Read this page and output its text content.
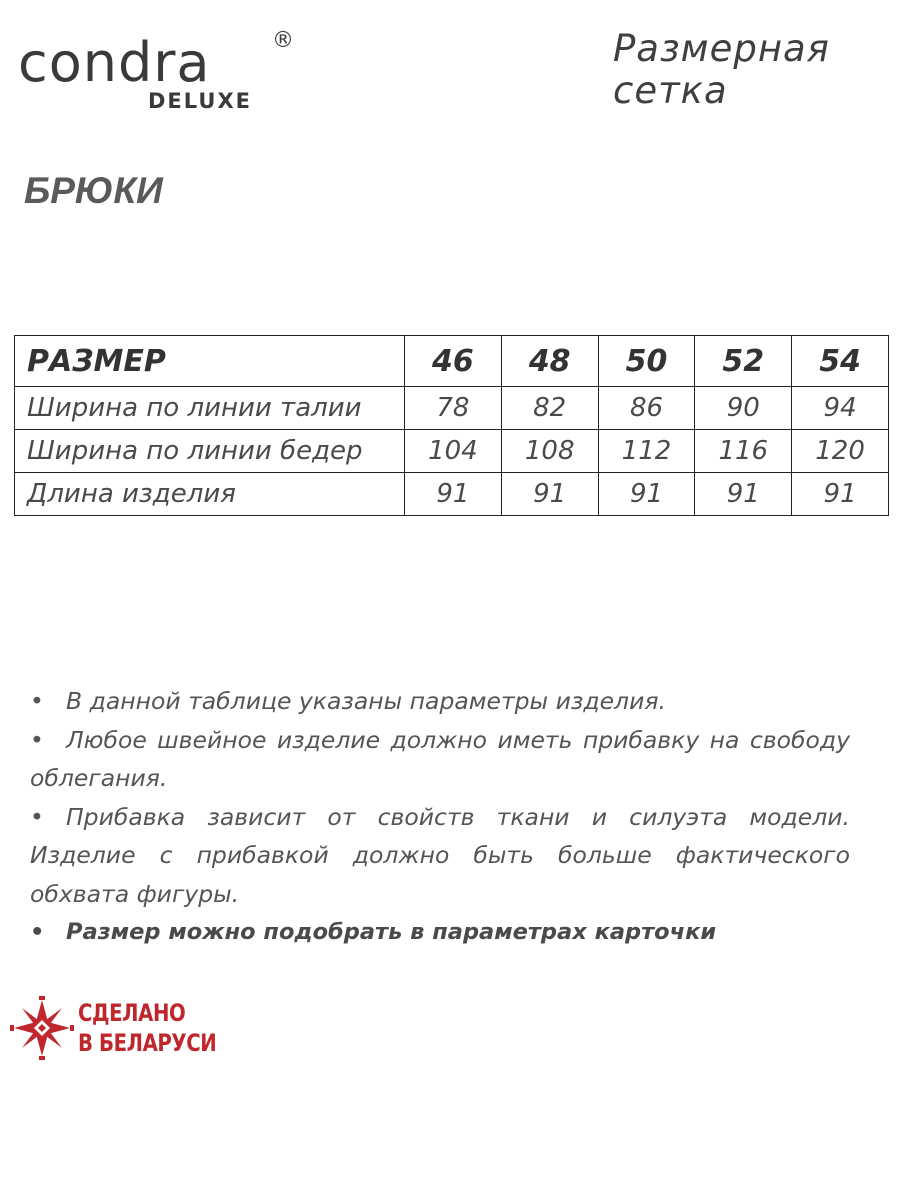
condra	®
DELUXE
Размерная
сетка
БРЮКИ
РАЗМЕР	46	48	50	52	54
Ширина по линии талии	78	82	86	90	94
Ширина по линии бедер	104	108	112	116	120
Длина изделия	91	91	91	91	91

• В данной таблице указаны параметры изделия.

• Любое швейное изделие должно иметь прибавку на свободу облегания.

• Прибавка зависит от свойств ткани и силуэта модели. Изделие с прибавкой должно быть больше фактического обхвата фигуры.

• Размер можно подобрать в параметрах карточки

СДЕЛАНО
В БЕЛАРУСИ
